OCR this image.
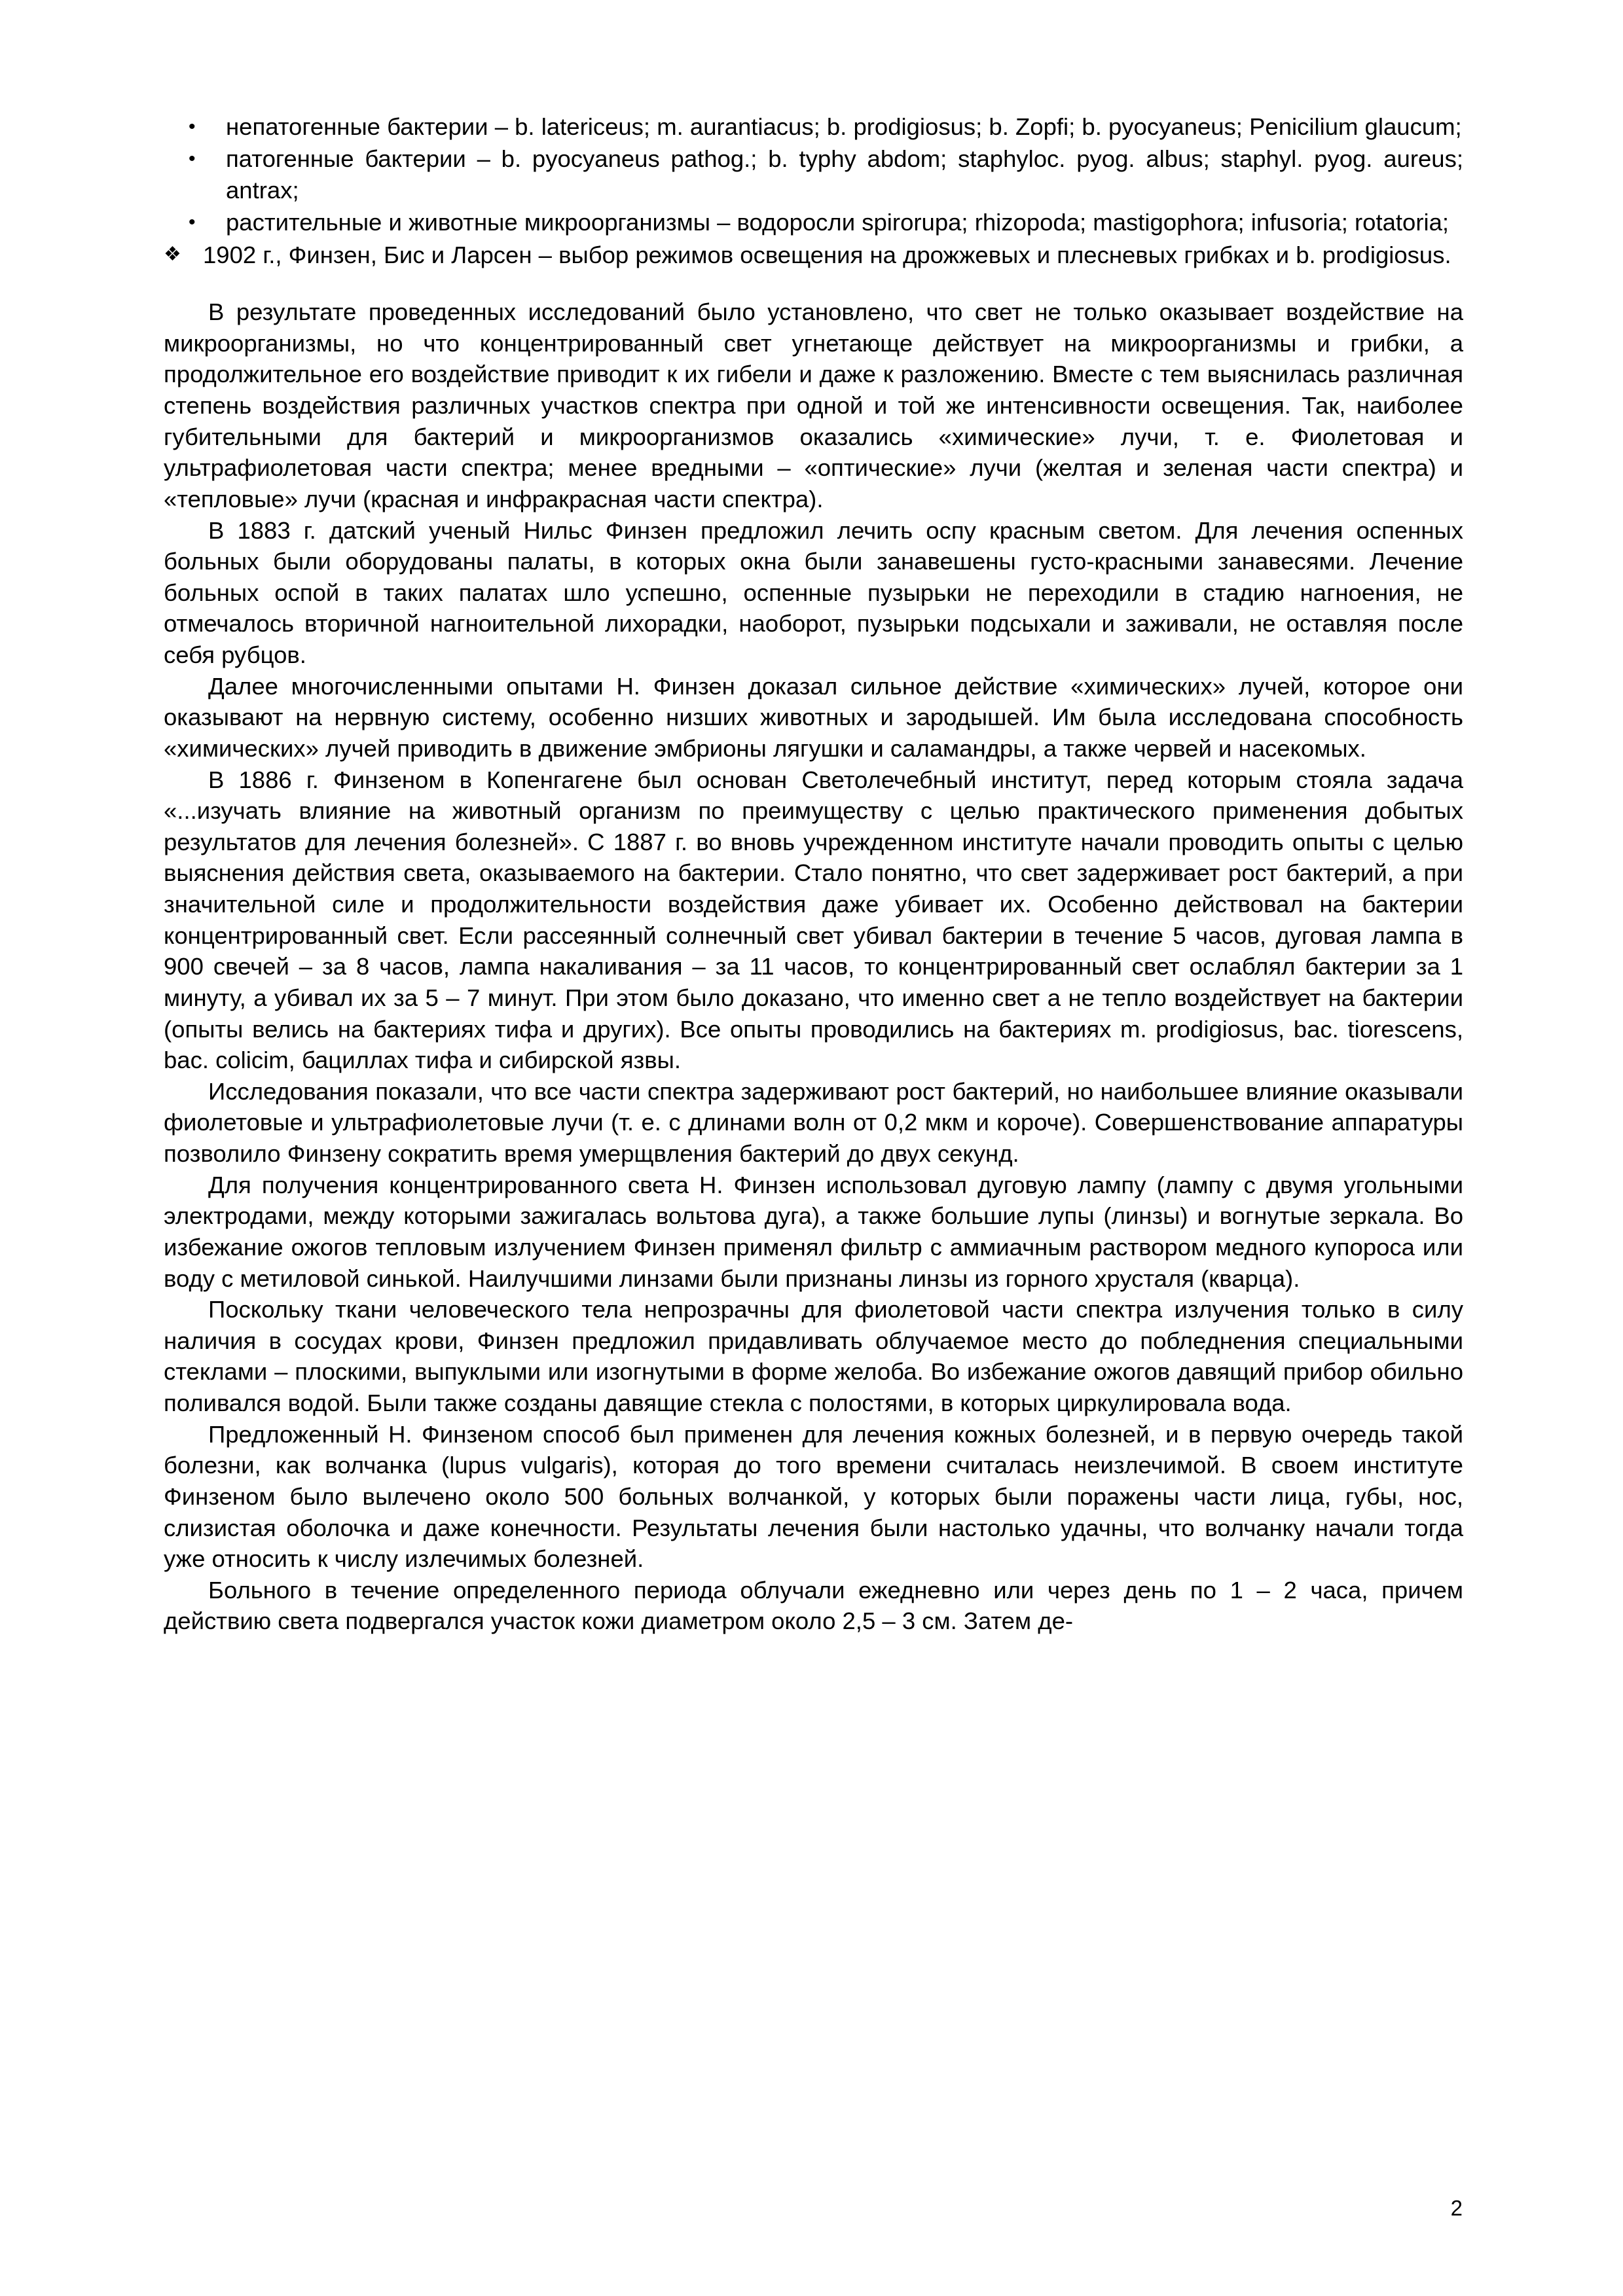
• непатогенные бактерии – b. latericeus; m. aurantiacus; b. prodigiosus; b. Zopfi; b. pyocyaneus; Penicilium glaucum;
• патогенные бактерии – b. pyocyaneus pathog.; b. typhy abdom; staphyloc. pyog. albus; staphyl. pyog. aureus; antrax;
• растительные и животные микроорганизмы – водоросли spirorupa; rhizopoda; mastigophora; infusoria; rotatoria;
❖ 1902 г., Финзен, Бис и Ларсен – выбор режимов освещения на дрожжевых и плесневых грибках и b. prodigiosus.

В результате проведенных исследований было установлено, что свет не только оказывает воздействие на микроорганизмы, но что концентрированный свет угнетающе действует на микроорганизмы и грибки, а продолжительное его воздействие приводит к их гибели и даже к разложению. Вместе с тем выяснилась различная степень воздействия различных участков спектра при одной и той же интенсивности освещения. Так, наиболее губительными для бактерий и микроорганизмов оказались «химические» лучи, т. е. Фиолетовая и ультрафиолетовая части спектра; менее вредными – «оптические» лучи (желтая и зеленая части спектра) и «тепловые» лучи (красная и инфракрасная части спектра).

В 1883 г. датский ученый Нильс Финзен предложил лечить оспу красным светом. Для лечения оспенных больных были оборудованы палаты, в которых окна были занавешены густо-красными занавесями. Лечение больных оспой в таких палатах шло успешно, оспенные пузырьки не переходили в стадию нагноения, не отмечалось вторичной нагноительной лихорадки, наоборот, пузырьки подсыхали и заживали, не оставляя после себя рубцов.

Далее многочисленными опытами Н. Финзен доказал сильное действие «химических» лучей, которое они оказывают на нервную систему, особенно низших животных и зародышей. Им была исследована способность «химических» лучей приводить в движение эмбрионы лягушки и саламандры, а также червей и насекомых.

В 1886 г. Финзеном в Копенгагене был основан Светолечебный институт, перед которым стояла задача «...изучать влияние на животный организм по преимуществу с целью практического применения добытых результатов для лечения болезней». С 1887 г. во вновь учрежденном институте начали проводить опыты с целью выяснения действия света, оказываемого на бактерии. Стало понятно, что свет задерживает рост бактерий, а при значительной силе и продолжительности воздействия даже убивает их. Особенно действовал на бактерии концентрированный свет. Если рассеянный солнечный свет убивал бактерии в течение 5 часов, дуговая лампа в 900 свечей – за 8 часов, лампа накаливания – за 11 часов, то концентрированный свет ослаблял бактерии за 1 минуту, а убивал их за 5 – 7 минут. При этом было доказано, что именно свет а не тепло воздействует на бактерии (опыты велись на бактериях тифа и других). Все опыты проводились на бактериях m. prodigiosus, bac. tiorescens, bac. colicim, бациллах тифа и сибирской язвы.

Исследования показали, что все части спектра задерживают рост бактерий, но наибольшее влияние оказывали фиолетовые и ультрафиолетовые лучи (т. е. с длинами волн от 0,2 мкм и короче). Совершенствование аппаратуры позволило Финзену сократить время умерщвления бактерий до двух секунд.

Для получения концентрированного света Н. Финзен использовал дуговую лампу (лампу с двумя угольными электродами, между которыми зажигалась вольтова дуга), а также большие лупы (линзы) и вогнутые зеркала. Во избежание ожогов тепловым излучением Финзен применял фильтр с аммиачным раствором медного купороса или воду с метиловой синькой. Наилучшими линзами были признаны линзы из горного хрусталя (кварца).

Поскольку ткани человеческого тела непрозрачны для фиолетовой части спектра излучения только в силу наличия в сосудах крови, Финзен предложил придавливать облучаемое место до побледнения специальными стеклами – плоскими, выпуклыми или изогнутыми в форме желоба. Во избежание ожогов давящий прибор обильно поливался водой. Были также созданы давящие стекла с полостями, в которых циркулировала вода.

Предложенный Н. Финзеном способ был применен для лечения кожных болезней, и в первую очередь такой болезни, как волчанка (lupus vulgaris), которая до того времени считалась неизлечимой. В своем институте Финзеном было вылечено около 500 больных волчанкой, у которых были поражены части лица, губы, нос, слизистая оболочка и даже конечности. Результаты лечения были настолько удачны, что волчанку начали тогда уже относить к числу излечимых болезней.

Больного в течение определенного периода облучали ежедневно или через день по 1 – 2 часа, причем действию света подвергался участок кожи диаметром около 2,5 – 3 см. Затем де-

2
